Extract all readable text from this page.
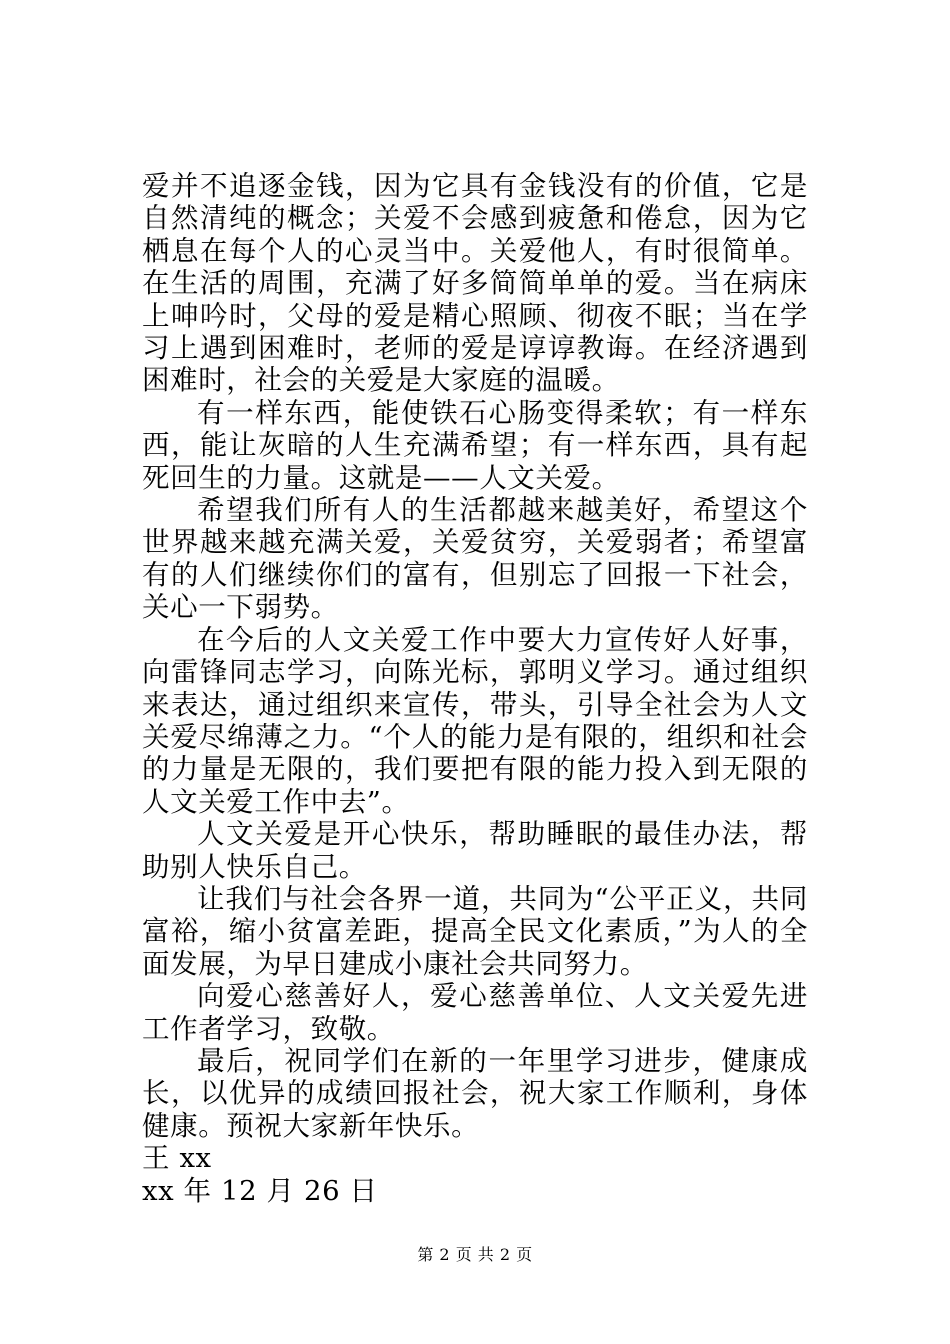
爱并不追逐金钱，因为它具有金钱没有的价值，它是自然清纯的概念；关爱不会感到疲惫和倦怠，因为它栖息在每个人的心灵当中。关爱他人，有时很简单。在生活的周围，充满了好多简简单单的爱。当在病床上呻吟时，父母的爱是精心照顾、彻夜不眠；当在学习上遇到困难时，老师的爱是谆谆教诲。在经济遇到困难时，社会的关爱是大家庭的温暖。

有一样东西，能使铁石心肠变得柔软；有一样东西，能让灰暗的人生充满希望；有一样东西，具有起死回生的力量。这就是——人文关爱。

希望我们所有人的生活都越来越美好，希望这个世界越来越充满关爱，关爱贫穷，关爱弱者；希望富有的人们继续你们的富有，但别忘了回报一下社会，关心一下弱势。

在今后的人文关爱工作中要大力宣传好人好事，向雷锋同志学习，向陈光标，郭明义学习。通过组织来表达，通过组织来宣传，带头，引导全社会为人文关爱尽绵薄之力。“个人的能力是有限的，组织和社会的力量是无限的，我们要把有限的能力投入到无限的人文关爱工作中去”。

人文关爱是开心快乐，帮助睡眠的最佳办法，帮助别人快乐自己。

让我们与社会各界一道，共同为“公平正义，共同富裕，缩小贫富差距，提高全民文化素质，”为人的全面发展，为早日建成小康社会共同努力。

向爱心慈善好人，爱心慈善单位、人文关爱先进工作者学习，致敬。

最后，祝同学们在新的一年里学习进步，健康成长，以优异的成绩回报社会，祝大家工作顺利，身体健康。预祝大家新年快乐。

王 xx

xx 年 12 月 26 日

第 2 页 共 2 页
